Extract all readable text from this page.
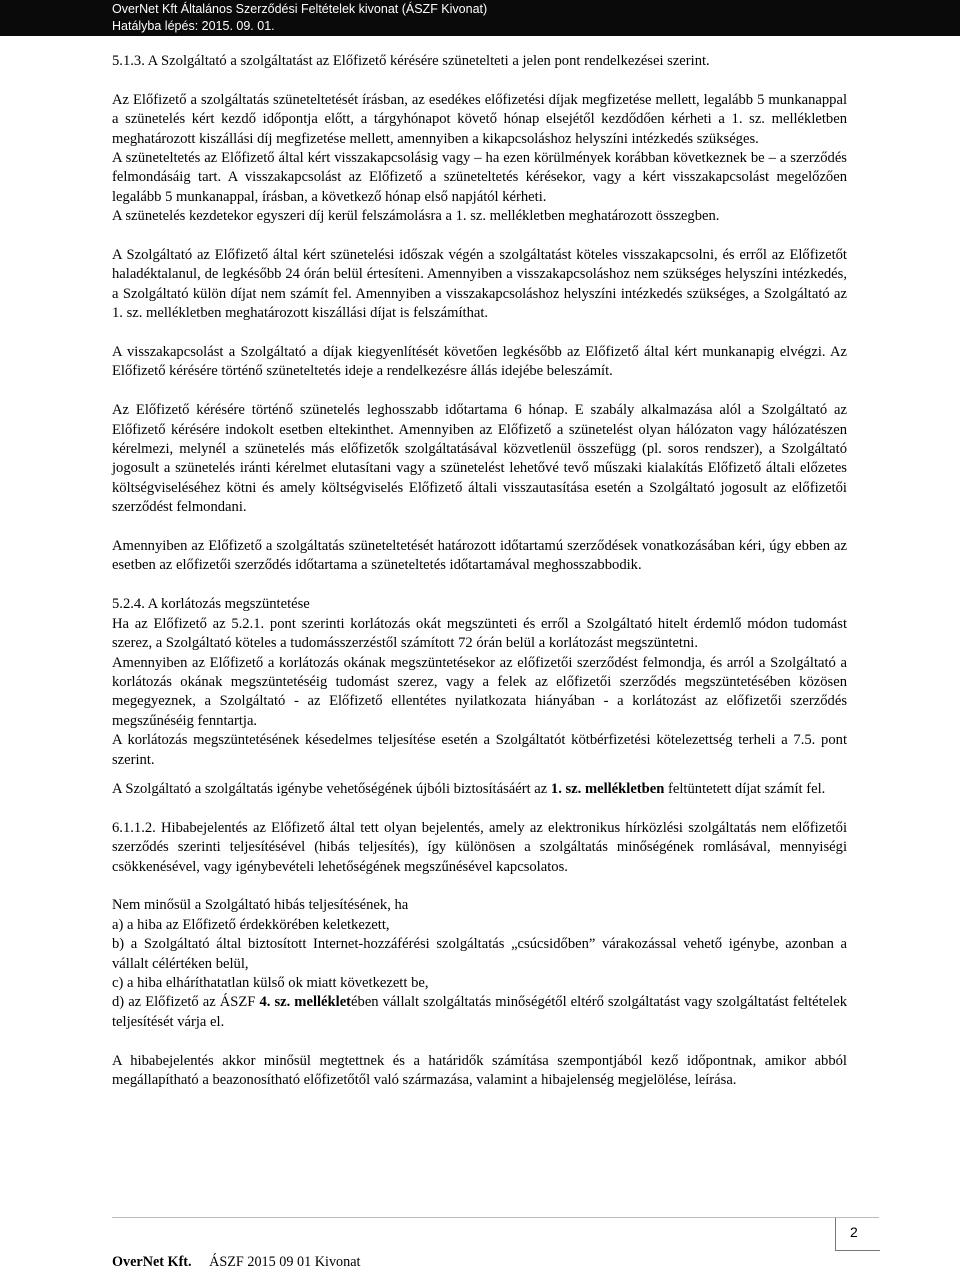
OverNet Kft Általános Szerződési Feltételek kivonat (ÁSZF Kivonat)
Hatályba lépés: 2015. 09. 01.

5.1.3. A Szolgáltató a szolgáltatást az Előfizető kérésére szünetelteti a jelen pont rendelkezései szerint.

Az Előfizető a szolgáltatás szüneteltetését írásban, az esedékes előfizetési díjak megfizetése mellett, legalább 5 munkanappal a szünetelés kért kezdő időpontja előtt, a tárgyhónapot követő hónap elsejétől kezdődően kérheti a 1. sz. mellékletben meghatározott kiszállási díj megfizetése mellett, amennyiben a kikapcsoláshoz helyszíni intézkedés szükséges.

A szüneteltetés az Előfizető által kért visszakapcsolásig vagy – ha ezen körülmények korábban következnek be – a szerződés felmondásáig tart. A visszakapcsolást az Előfizető a szüneteltetés kérésekor, vagy a kért visszakapcsolást megelőzően legalább 5 munkanappal, írásban, a következő hónap első napjától kérheti.

A szünetelés kezdetekor egyszeri díj kerül felszámolásra a 1. sz. mellékletben meghatározott összegben.

A Szolgáltató az Előfizető által kért szünetelési időszak végén a szolgáltatást köteles visszakapcsolni, és erről az Előfizetőt haladéktalanul, de legkésőbb 24 órán belül értesíteni. Amennyiben a visszakapcsoláshoz nem szükséges helyszíni intézkedés, a Szolgáltató külön díjat nem számít fel. Amennyiben a visszakapcsoláshoz helyszíni intézkedés szükséges, a Szolgáltató az 1. sz. mellékletben meghatározott kiszállási díjat is felszámíthat.

A visszakapcsolást a Szolgáltató a díjak kiegyenlítését követően legkésőbb az Előfizető által kért munkanapig elvégzi. Az Előfizető kérésére történő szüneteltetés ideje a rendelkezésre állás idejébe beleszámít.

Az Előfizető kérésére történő szünetelés leghosszabb időtartama 6 hónap. E szabály alkalmazása alól a Szolgáltató az Előfizető kérésére indokolt esetben eltekinthet. Amennyiben az Előfizető a szünetelést olyan hálózaton vagy hálózatészen kérelmezi, melynél a szünetelés más előfizetők szolgáltatásával közvetlenül összefügg (pl. soros rendszer), a Szolgáltató jogosult a szünetelés iránti kérelmet elutasítani vagy a szünetelést lehetővé tevő műszaki kialakítás Előfizető általi előzetes költségviseléséhez kötni és amely költségviselés Előfizető általi visszautasítása esetén a Szolgáltató jogosult az előfizetői szerződést felmondani.

Amennyiben az Előfizető a szolgáltatás szüneteltetését határozott időtartamú szerződések vonatkozásában kéri, úgy ebben az esetben az előfizetői szerződés időtartama a szüneteltetés időtartamával meghosszabbodik.

5.2.4. A korlátozás megszüntetése

Ha az Előfizető az 5.2.1. pont szerinti korlátozás okát megszünteti és erről a Szolgáltató hitelt érdemlő módon tudomást szerez, a Szolgáltató köteles a tudomásszerzéstől számított 72 órán belül a korlátozást megszüntetni.

Amennyiben az Előfizető a korlátozás okának megszüntetésekor az előfizetői szerződést felmondja, és arról a Szolgáltató a korlátozás okának megszüntetéséig tudomást szerez, vagy a felek az előfizetői szerződés megszüntetésében közösen megegyeznek, a Szolgáltató - az Előfizető ellentétes nyilatkozata hiányában - a korlátozást az előfizetői szerződés megszűnéséig fenntartja.

A korlátozás megszüntetésének késedelmes teljesítése esetén a Szolgáltatót kötbérfizetési kötelezettség terheli a 7.5. pont szerint.

A Szolgáltató a szolgáltatás igénybe vehetőségének újbóli biztosításáért az 1. sz. mellékletben feltüntetett díjat számít fel.

6.1.1.2. Hibabejelentés az Előfizető által tett olyan bejelentés, amely az elektronikus hírközlési szolgáltatás nem előfizetői szerződés szerinti teljesítésével (hibás teljesítés), így különösen a szolgáltatás minőségének romlásával, mennyiségi csökkenésével, vagy igénybevételi lehetőségének megszűnésével kapcsolatos.

Nem minősül a Szolgáltató hibás teljesítésének, ha

a) a hiba az Előfizető érdekkörében keletkezett,

b) a Szolgáltató által biztosított Internet-hozzáférési szolgáltatás „csúcsidőben” várakozással vehető igénybe, azonban a vállalt célértéken belül,

c) a hiba elháríthatatlan külső ok miatt következett be,

d) az Előfizető az ÁSZF 4. sz. mellékletében vállalt szolgáltatás minőségétől eltérő szolgáltatást vagy szolgáltatást feltételek teljesítését várja el.

A hibabejelentés akkor minősül megtettnek és a határidők számítása szempontjából kező időpontnak, amikor abból megállapítható a beazonosítható előfizetőtől való származása, valamint a hibajelenség megjelölése, leírása.

2
OverNet Kft. ÁSZF 2015 09 01 Kivonat
